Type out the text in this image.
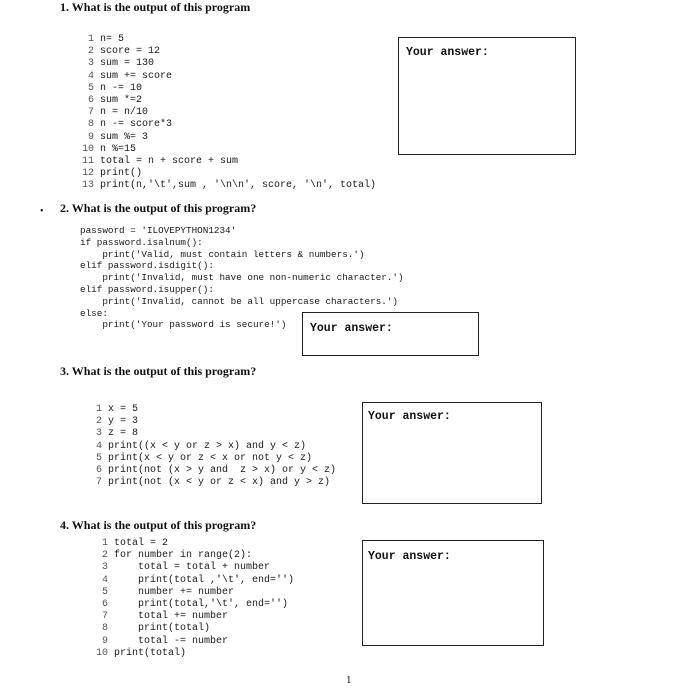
1. What is the output of this program
1 n= 5
2 score = 12
3 sum = 130
4 sum += score
5 n -= 10
6 sum *=2
7 n = n/10
8 n -= score*3
9 sum %= 3
10 n %=15
11 total = n + score + sum
12 print()
13 print(n,'\t',sum , '\n\n', score, '\n', total)
Your answer:
• 2. What is the output of this program?
password = 'ILOVEPYTHON1234'
if password.isalnum():
print('Valid, must contain letters & numbers.')
elif password.isdigit():
print('Invalid, must have one non-numeric character.')
elif password.isupper():
print('Invalid, cannot be all uppercase characters.')
else:
print('Your password is secure!')	Your answer:
3. What is the output of this program?
1 x = 5
2 y = 3
3 z = 8
4 print((x < y or z > x) and y < z)
5 print(x < y or z < x or not y < z)
6 print(not (x > y and  z > x) or y < z)
7 print(not (x < y or z < x) and y > z)
Your answer:
4. What is the output of this program?
1 total = 2
2 for number in range(2):
3     total = total + number
4     print(total ,'\t', end='')
5     number += number
6     print(total,'\t', end='')
7     total += number
8     print(total)
9     total -= number
10 print(total)
Your answer:
1
